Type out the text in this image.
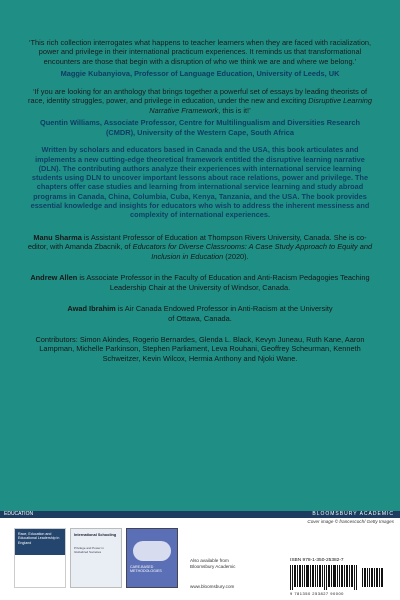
‘This rich collection interrogates what happens to teacher learners when they are faced with racialization, power and privilege in their international practicum experiences. It reminds us that transformational encounters are those that begin with a disruption of who we think we are and where we belong.’

Maggie Kubanyiova, Professor of Language Education, University of Leeds, UK

‘If you are looking for an anthology that brings together a powerful set of essays by leading theorists of race, identity struggles, power, and privilege in education, under the new and exciting Disruptive Learning Narrative Framework, this is it!’

Quentin Williams, Associate Professor, Centre for Multilingualism and Diversities Research (CMDR), University of the Western Cape, South Africa

Written by scholars and educators based in Canada and the USA, this book articulates and implements a new cutting-edge theoretical framework entitled the disruptive learning narrative (DLN). The contributing authors analyze their experiences with international service learning students using DLN to uncover important lessons about race relations, power and privilege. The chapters offer case studies and learning from international service learning and study abroad programs in Canada, China, Columbia, Cuba, Kenya, Tanzania, and the USA. The book provides essential knowledge and insights for educators who wish to address the inherent messiness and complexity of international experiences.

Manu Sharma is Assistant Professor of Education at Thompson Rivers University, Canada. She is co-editor, with Amanda Zbacnik, of Educators for Diverse Classrooms: A Case Study Approach to Equity and Inclusion in Education (2020).

Andrew Allen is Associate Professor in the Faculty of Education and Anti-Racism Pedagogies Teaching Leadership Chair at the University of Windsor, Canada.

Awad Ibrahim is Air Canada Endowed Professor in Anti-Racism at the University of Ottawa, Canada.

Contributors: Simon Akindes, Rogerio Bernardes, Glenda L. Black, Kevyn Juneau, Ruth Kane, Aaron Lampman, Michelle Parkinson, Stephen Parliament, Leva Rouhani, Geoffrey Scheurman, Kenneth Schweitzer, Kevin Wilcox, Hermia Anthony and Njoki Wane.

EDUCATION	BLOOMSBURY ACADEMIC
Cover image © francescoch/ Getty Images
Race, Education and Educational Leadership in England
International Schooling
Privilege and Power in Globalized Societies
CARE-BASED METHODOLOGIES
Also available from
Bloomsbury Academic
www.bloomsbury.com
ISBN 978-1-350-25382-7
9 781350 253827 90000
